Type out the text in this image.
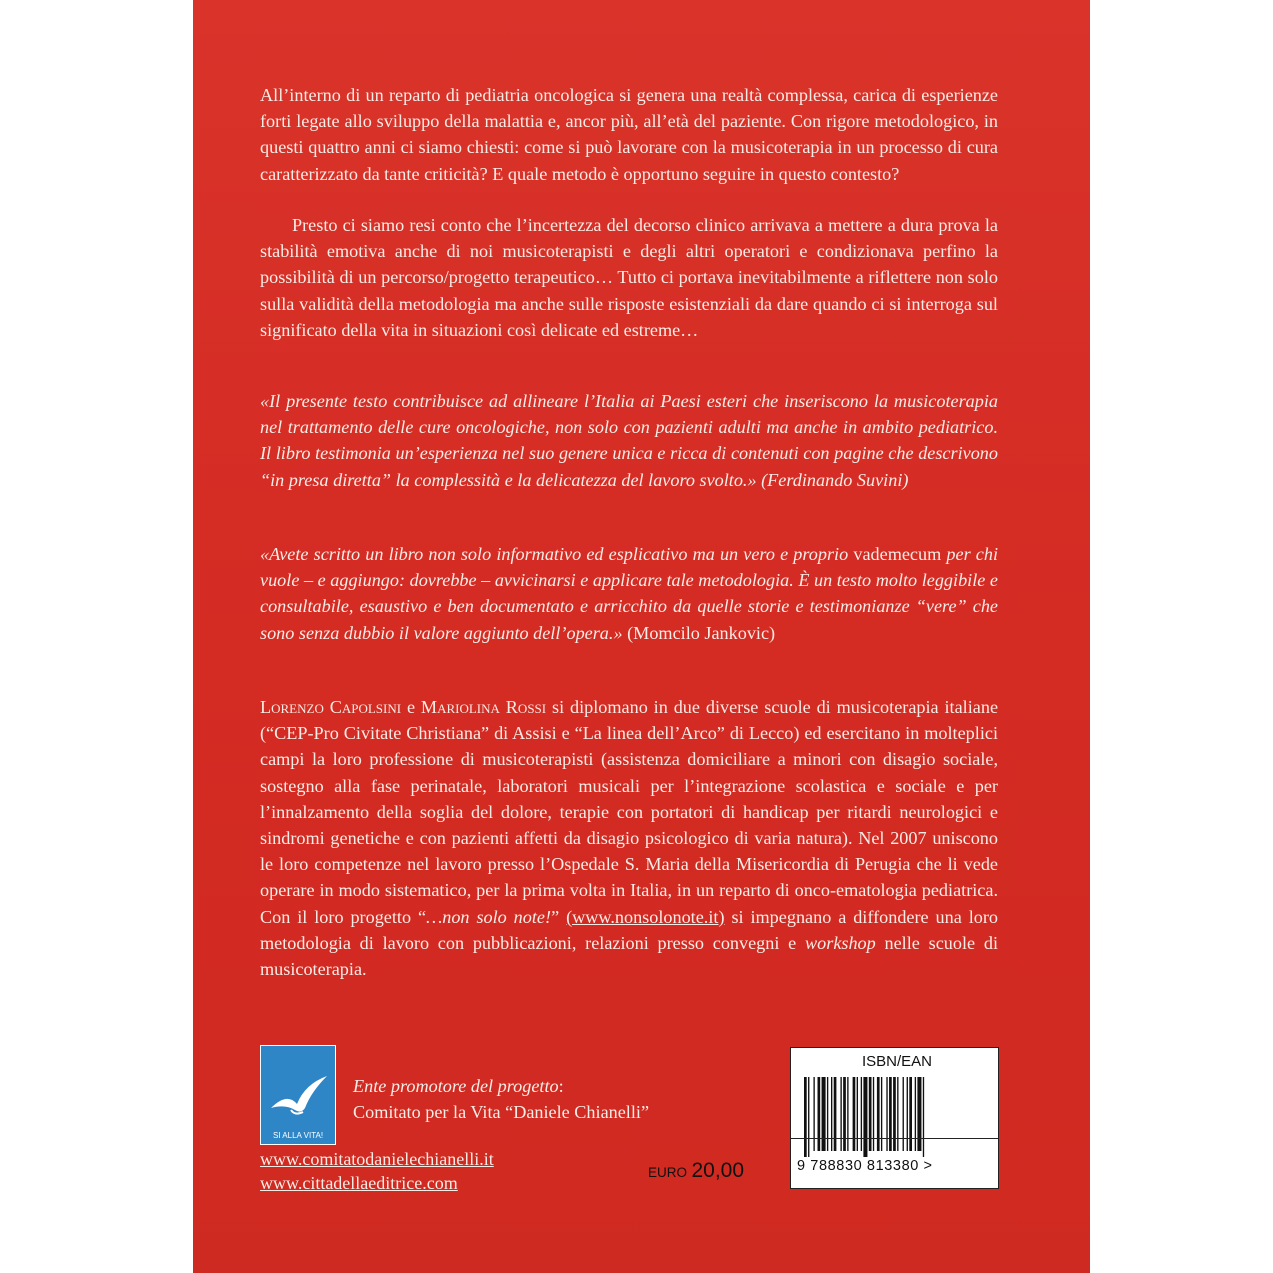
All’interno di un reparto di pediatria oncologica si genera una realtà complessa, carica di esperienze forti legate allo sviluppo della malattia e, ancor più, all’età del paziente. Con rigore metodologico, in questi quattro anni ci siamo chiesti: come si può lavorare con la musicoterapia in un processo di cura caratterizzato da tante criticità? E quale metodo è opportuno seguire in questo contesto?

Presto ci siamo resi conto che l’incertezza del decorso clinico arrivava a mettere a dura prova la stabilità emotiva anche di noi musicoterapisti e degli altri operatori e condizionava perfino la possibilità di un percorso/progetto terapeutico… Tutto ci portava inevitabilmente a riflettere non solo sulla validità della metodologia ma anche sulle risposte esistenziali da dare quando ci si interroga sul significato della vita in situazioni così delicate ed estreme…

«Il presente testo contribuisce ad allineare l’Italia ai Paesi esteri che inseriscono la musicoterapia nel trattamento delle cure oncologiche, non solo con pazienti adulti ma anche in ambito pediatrico. Il libro testimonia un’esperienza nel suo genere unica e ricca di contenuti con pagine che descrivono “in presa diretta” la complessità e la delicatezza del lavoro svolto.» (Ferdinando Suvini)

«Avete scritto un libro non solo informativo ed esplicativo ma un vero e proprio vademecum per chi vuole – e aggiungo: dovrebbe – avvicinarsi e applicare tale metodologia. È un testo molto leggibile e consultabile, esaustivo e ben documentato e arricchito da quelle storie e testimonianze “vere” che sono senza dubbio il valore aggiunto dell’opera.» (Momcilo Jankovic)

Lorenzo Capolsini e Mariolina Rossi si diplomano in due diverse scuole di musicoterapia italiane (“CEP-Pro Civitate Christiana” di Assisi e “La linea dell’Arco” di Lecco) ed esercitano in molteplici campi la loro professione di musicoterapisti (assistenza domiciliare a minori con disagio sociale, sostegno alla fase perinatale, laboratori musicali per l’integrazione scolastica e sociale e per l’innalzamento della soglia del dolore, terapie con portatori di handicap per ritardi neurologici e sindromi genetiche e con pazienti affetti da disagio psicologico di varia natura). Nel 2007 uniscono le loro competenze nel lavoro presso l’Ospedale S. Maria della Misericordia di Perugia che li vede operare in modo sistematico, per la prima volta in Italia, in un reparto di onco-ematologia pediatrica. Con il loro progetto “…non solo note!” (www.nonsolonote.it) si impegnano a diffondere una loro metodologia di lavoro con pubblicazioni, relazioni presso convegni e workshop nelle scuole di musicoterapia.

SI ALLA VITA!
Ente promotore del progetto:
Comitato per la Vita “Daniele Chianelli”
www.comitatodanielechianelli.it
www.cittadellaeditrice.com
ISBN/EAN
9 788830 813380 >
EURO 20,00
